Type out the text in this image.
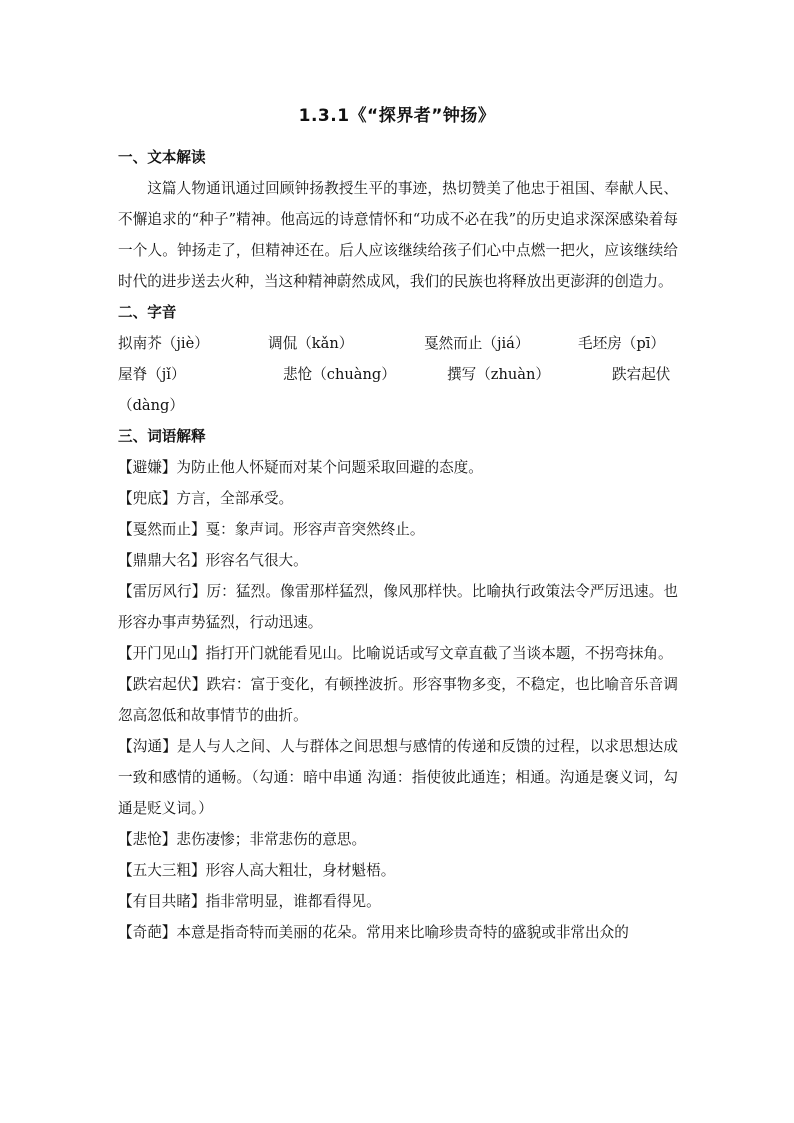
1.3.1《“探界者”钟扬》
一、文本解读

这篇人物通讯通过回顾钟扬教授生平的事迹，热切赞美了他忠于祖国、奉献人民、不懈追求的“种子”精神。他高远的诗意情怀和“功成不必在我”的历史追求深深感染着每一个人。钟扬走了，但精神还在。后人应该继续给孩子们心中点燃一把火，应该继续给时代的进步送去火种，当这种精神蔚然成风，我们的民族也将释放出更澎湃的创造力。

二、字音
拟南芥（jiè）	调侃（kǎn）	戛然而止（jiá）	毛坯房（pī）
屋脊（jǐ）	悲怆（chuàng）	撰写（zhuàn）	跌宕起伏
（dàng）
三、词语解释

【避嫌】为防止他人怀疑而对某个问题采取回避的态度。

【兜底】方言，全部承受。

【戛然而止】戛：象声词。形容声音突然终止。

【鼎鼎大名】形容名气很大。

【雷厉风行】厉：猛烈。像雷那样猛烈，像风那样快。比喻执行政策法令严厉迅速。也形容办事声势猛烈，行动迅速。

【开门见山】指打开门就能看见山。比喻说话或写文章直截了当谈本题，不拐弯抹角。

【跌宕起伏】跌宕：富于变化，有顿挫波折。形容事物多变，不稳定，也比喻音乐音调忽高忽低和故事情节的曲折。

【沟通】是人与人之间、人与群体之间思想与感情的传递和反馈的过程，以求思想达成一致和感情的通畅。（勾通：暗中串通 沟通：指使彼此通连；相通。沟通是褒义词，勾通是贬义词。）

【悲怆】悲伤凄惨；非常悲伤的意思。

【五大三粗】形容人高大粗壮，身材魁梧。

【有目共睹】指非常明显，谁都看得见。

【奇葩】本意是指奇特而美丽的花朵。常用来比喻珍贵奇特的盛貌或非常出众的
